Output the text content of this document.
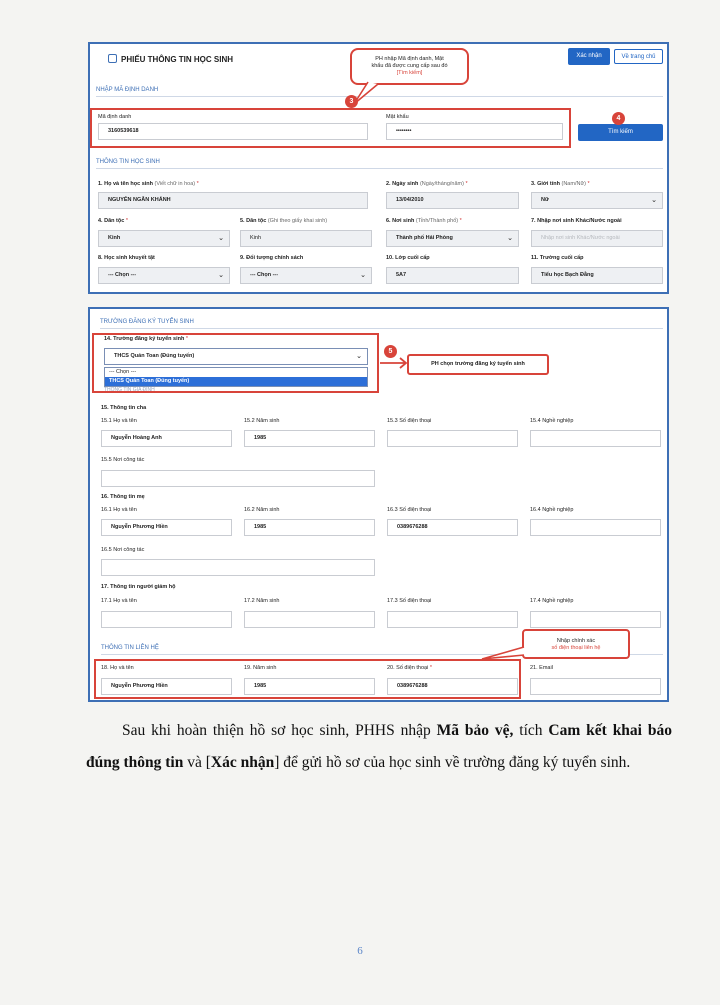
PHIẾU THÔNG TIN HỌC SINH	Xác nhận	Về trang chủ
NHẬP MÃ ĐỊNH DANH
Mã định danh
3160539618
Mật khẩu
••••••••	Tìm kiếm
THÔNG TIN HỌC SINH
1. Họ và tên học sinh (Viết chữ in hoa) *
NGUYỄN NGÂN KHÁNH
2. Ngày sinh (Ngày/tháng/năm) *
13/04/2010
3. Giới tính (Nam/Nữ) *
Nữ	⌄
4. Dân tộc *
Kinh	⌄
5. Dân tộc (Ghi theo giấy khai sinh)
Kinh
6. Nơi sinh (Tỉnh/Thành phố) *
Thành phố Hải Phòng	⌄
7. Nhập nơi sinh Khác/Nước ngoài
Nhập nơi sinh Khác/Nước ngoài
8. Học sinh khuyết tật
--- Chọn ---	⌄
9. Đối tượng chính sách
--- Chọn ---	⌄
10. Lớp cuối cấp
5A7
11. Trường cuối cấp
Tiểu học Bạch Đằng
PH nhập Mã định danh, Mật
khẩu đã được cung cấp sau đó
[Tìm kiếm]
3
4
TRƯỜNG ĐĂNG KÝ TUYỂN SINH
14. Trường đăng ký tuyển sinh *
THCS Quán Toan (Đúng tuyến)	⌄
--- Chọn ---
THCS Quán Toan (Đúng tuyến)
THÔNG TIN GIA ĐÌNH
5
PH chọn trường đăng ký tuyển sinh
15. Thông tin cha
15.1 Họ và tên
Nguyễn Hoàng Anh
15.2 Năm sinh
1985
15.3 Số điện thoại	15.4 Nghề nghiệp
15.5 Nơi công tác
16. Thông tin mẹ
16.1 Họ và tên
Nguyễn Phương Hiền
16.2 Năm sinh
1985
16.3 Số điện thoại
0389676288
16.4 Nghề nghiệp
16.5 Nơi công tác
17. Thông tin người giám hộ
17.1 Họ và tên	17.2 Năm sinh	17.3 Số điện thoại	17.4 Nghề nghiệp
THÔNG TIN LIÊN HỆ
18. Họ và tên
Nguyễn Phương Hiền
19. Năm sinh
1985
20. Số điện thoại *
0389676288
21. Email
Nhập chính xác
số điện thoại liên hệ

Sau khi hoàn thiện hồ sơ học sinh, PHHS nhập Mã bảo vệ, tích Cam kết khai báo đúng thông tin và [Xác nhận] để gửi hồ sơ của học sinh về trường đăng ký tuyển sinh.

6
